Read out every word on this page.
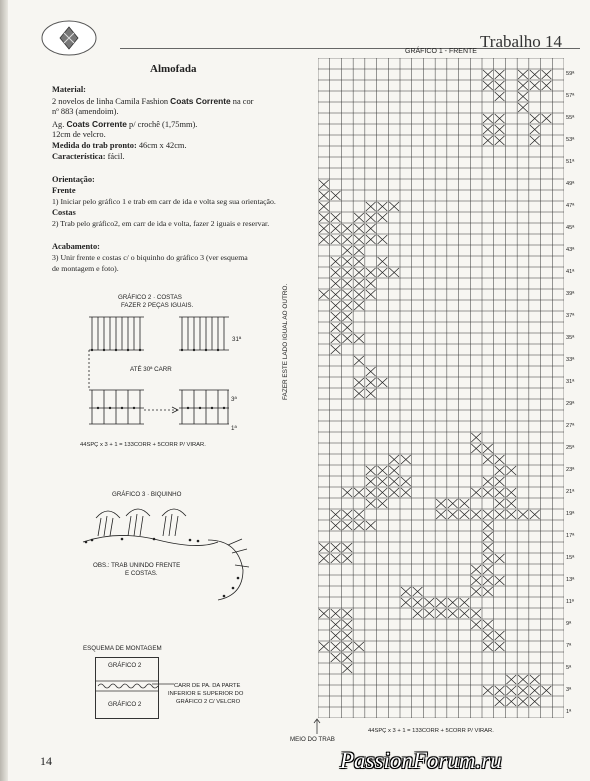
Trabalho 14
Almofada
Material:
2 novelos de linha Camila Fashion Coats Corrente na cor
nº 883 (amendoim).
Ag. Coats Corrente p/ crochê (1,75mm).
12cm de velcro.
Medida do trab pronto: 46cm x 42cm.
Característica: fácil.
Orientação:
Frente
1) Iniciar pelo gráfico 1 e trab em carr de ida e volta seg sua orientação.
Costas
2) Trab pelo gráfico2, em carr de ida e volta, fazer 2 iguais e reservar.
Acabamento:
3) Unir frente e costas c/ o biquinho do gráfico 3 (ver esquema
de montagem e foto).
GRÁFICO 2 · COSTAS
FAZER 2 PEÇAS IGUAIS.
31ª
ATÉ 30ª CARR
3ª
1ª
44SPÇ x 3 + 1 = 133CORR + 5CORR P/ VIRAR.
GRÁFICO 3 · BIQUINHO
OBS.: TRAB UNINDO FRENTE
E COSTAS.
ESQUEMA DE MONTAGEM
GRÁFICO 2
GRÁFICO 2
CARR DE PA. DA PARTE
INFERIOR E SUPERIOR DO
GRÁFICO 2 C/ VELCRO
GRÁFICO 1 - FRENTE
FAZER ESTE LADO IGUAL AO OUTRO.
59ª
57ª
55ª
53ª
51ª
49ª
47ª
45ª
43ª
41ª
39ª
37ª
35ª
33ª
31ª
29ª
27ª
25ª
23ª
21ª
19ª
17ª
15ª
13ª
11ª
9ª
7ª
5ª
3ª
1ª
MEIO DO TRAB
44SPÇ x 3 + 1 = 133CORR + 5CORR P/ VIRAR.
14	PassionForum.ru
